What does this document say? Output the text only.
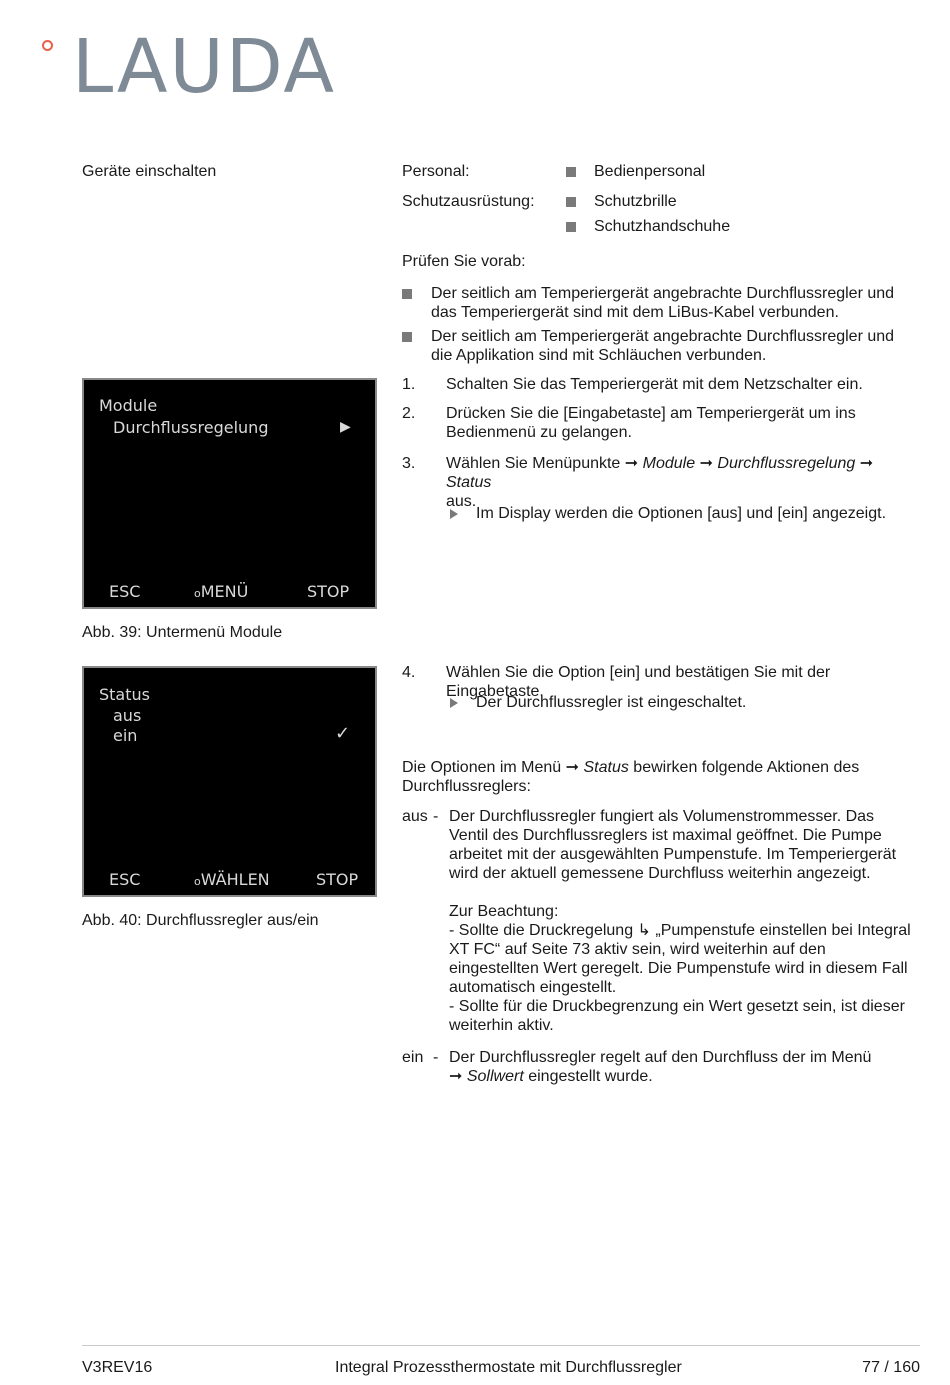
LAUDA
Geräte einschalten	Personal:	Bedienpersonal
Schutzausrüstung:	Schutzbrille
Schutzhandschuhe
Prüfen Sie vorab:
Der seitlich am Temperiergerät angebrachte Durchflussregler und das Temperiergerät sind mit dem LiBus-Kabel verbunden.
Der seitlich am Temperiergerät angebrachte Durchflussregler und die Applikation sind mit Schläuchen verbunden.
1. Schalten Sie das Temperiergerät mit dem Netzschalter ein.
2. Drücken Sie die [Eingabetaste] am Temperiergerät um ins Bedienmenü zu gelangen.
3. Wählen Sie Menüpunkte ➞ Module ➞ Durchflussregelung ➞ Status
aus.
Im Display werden die Optionen [aus] und [ein] angezeigt.
4. Wählen Sie die Option [ein] und bestätigen Sie mit der Eingabetaste.
Der Durchflussregler ist eingeschaltet.
Module
Durchflussregelung	▶
ESC	oMENÜ	STOP
Abb. 39: Untermenü Module
Status
aus
ein	✓
ESC	oWÄHLEN	STOP
Abb. 40: Durchflussregler aus/ein
Die Optionen im Menü ➞ Status bewirken folgende Aktionen des Durchflussreglers:
aus - Der Durchflussregler fungiert als Volumenstrommesser. Das Ventil des Durchflussreglers ist maximal geöffnet. Die Pumpe arbeitet mit der ausgewählten Pumpenstufe. Im Temperiergerät wird der aktuell gemessene Durchfluss weiterhin angezeigt.
Zur Beachtung:
- Sollte die Druckregelung ↳ „Pumpenstufe einstellen bei Integral XT FC“ auf Seite 73 aktiv sein, wird weiterhin auf den eingestellten Wert geregelt. Die Pumpenstufe wird in diesem Fall automatisch eingestellt.
- Sollte für die Druckbegrenzung ein Wert gesetzt sein, ist dieser weiterhin aktiv.
ein - Der Durchflussregler regelt auf den Durchfluss der im Menü
➞ Sollwert eingestellt wurde.
V3REV16	Integral Prozessthermostate mit Durchflussregler	77 / 160
